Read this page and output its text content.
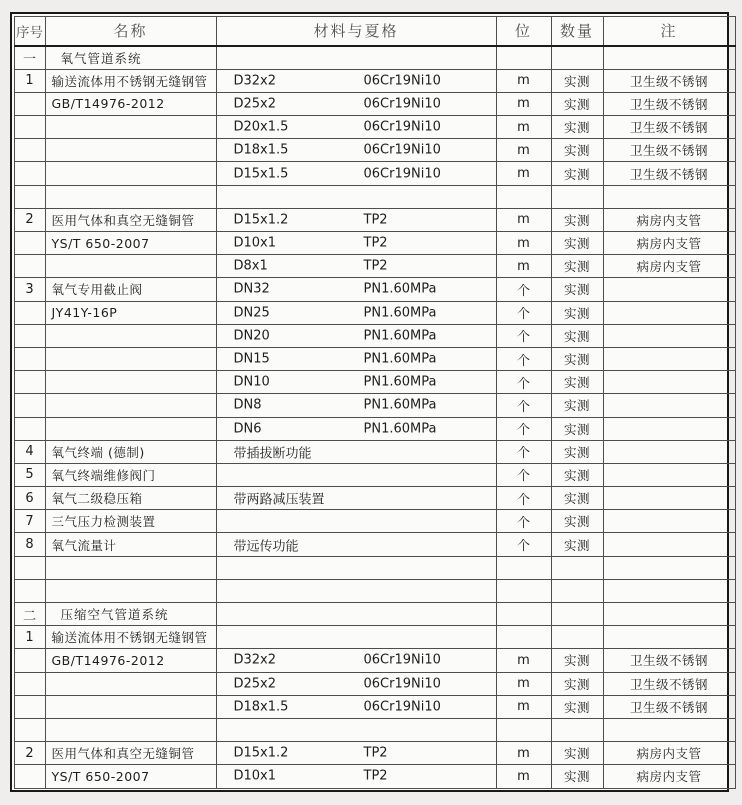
序号	名称	材料与夏格	位	数量	注
一	氧气管道系统	

1	输送流体用不锈钢无缝钢管	D32x2 06Cr19Ni10	m	实测	卫生级不锈钢
	GB/T14976-2012	D25x2 06Cr19Ni10	m	实测	卫生级不锈钢

		D20x1.5 06Cr19Ni10	m	实测	卫生级不锈钢

		D18x1.5 06Cr19Ni10	m	实测	卫生级不锈钢

		D15x1.5 06Cr19Ni10	m	实测	卫生级不锈钢

2	医用气体和真空无缝铜管	D15x1.2 TP2	m	实测	病房内支管
	YS/T 650-2007	D10x1 TP2	m	实测	病房内支管

		D8x1 TP2	m	实测	病房内支管
3	氧气专用截止阀	DN32 PN1.60MPa	个	实测	
	JY41Y-16P	DN25 PN1.60MPa	个	实测	

		DN20 PN1.60MPa	个	实测	

		DN15 PN1.60MPa	个	实测	

		DN10 PN1.60MPa	个	实测	

		DN8 PN1.60MPa	个	实测	

		DN6 PN1.60MPa	个	实测	
4	氧气终端 (德制)	带插拔断功能	个	实测	
5	氧气终端维修阀门		个	实测	
6	氧气二级稳压箱	带两路减压装置	个	实测	
7	三气压力检测装置		个	实测	
8	氧气流量计	带远传功能	个	实测	

二	压缩空气管道系统	

1	输送流体用不锈钢无缝钢管	

	GB/T14976-2012	D32x2 06Cr19Ni10	m	实测	卫生级不锈钢

		D25x2 06Cr19Ni10	m	实测	卫生级不锈钢

		D18x1.5 06Cr19Ni10	m	实测	卫生级不锈钢

2	医用气体和真空无缝铜管	D15x1.2 TP2	m	实测	病房内支管
	YS/T 650-2007	D10x1 TP2	m	实测	病房内支管
